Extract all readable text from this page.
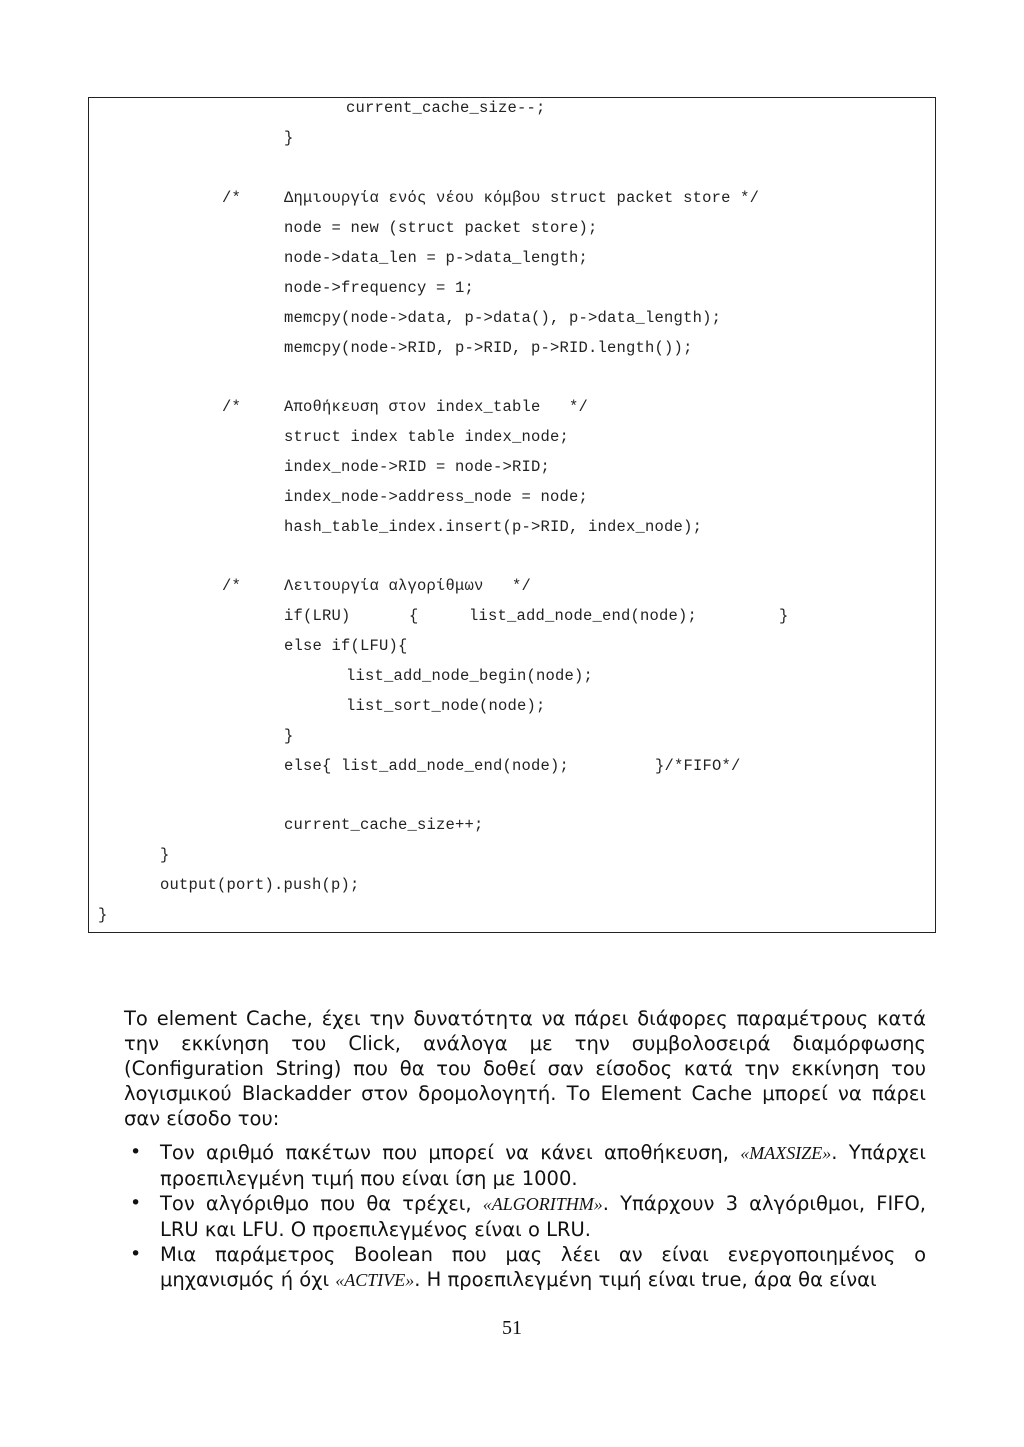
current_cache_size--;
}
/*	Δημιουργία ενός νέου κόμβου struct packet store */
node = new (struct packet store);
node->data_len = p->data_length;
node->frequency = 1;
memcpy(node->data, p->data(), p->data_length);
memcpy(node->RID, p->RID, p->RID.length());
/*	Αποθήκευση στον index_table   */
struct index table index_node;
index_node->RID = node->RID;
index_node->address_node = node;
hash_table_index.insert(p->RID, index_node);
/*	Λειτουργία αλγορίθμων   */
if(LRU)	{	list_add_node_end(node);	}
else if(LFU){
list_add_node_begin(node);
list_sort_node(node);
}
else{ list_add_node_end(node);	}/*FIFO*/
current_cache_size++;
}
output(port).push(p);
}

Το element Cache, έχει την δυνατότητα να πάρει διάφορες παραμέτρους κατά την εκκίνηση του Click, ανάλογα με την συμβολοσειρά διαμόρφωσης (Configuration String) που θα του δοθεί σαν είσοδος κατά την εκκίνηση του λογισμικού Blackadder στον δρομολογητή. Το Element Cache μπορεί να πάρει σαν είσοδο του:

• Τον αριθμό πακέτων που μπορεί να κάνει αποθήκευση, «MAXSIZE». Υπάρχει προεπιλεγμένη τιμή που είναι ίση με 1000.
• Τον αλγόριθμο που θα τρέχει, «ALGORITHM». Υπάρχουν 3 αλγόριθμοι, FIFO, LRU και LFU. Ο προεπιλεγμένος είναι ο LRU.
• Μια παράμετρος Boolean που μας λέει αν είναι ενεργοποιημένος ο μηχανισμός ή όχι «ACTIVE». Η προεπιλεγμένη τιμή είναι true, άρα θα είναι
51
